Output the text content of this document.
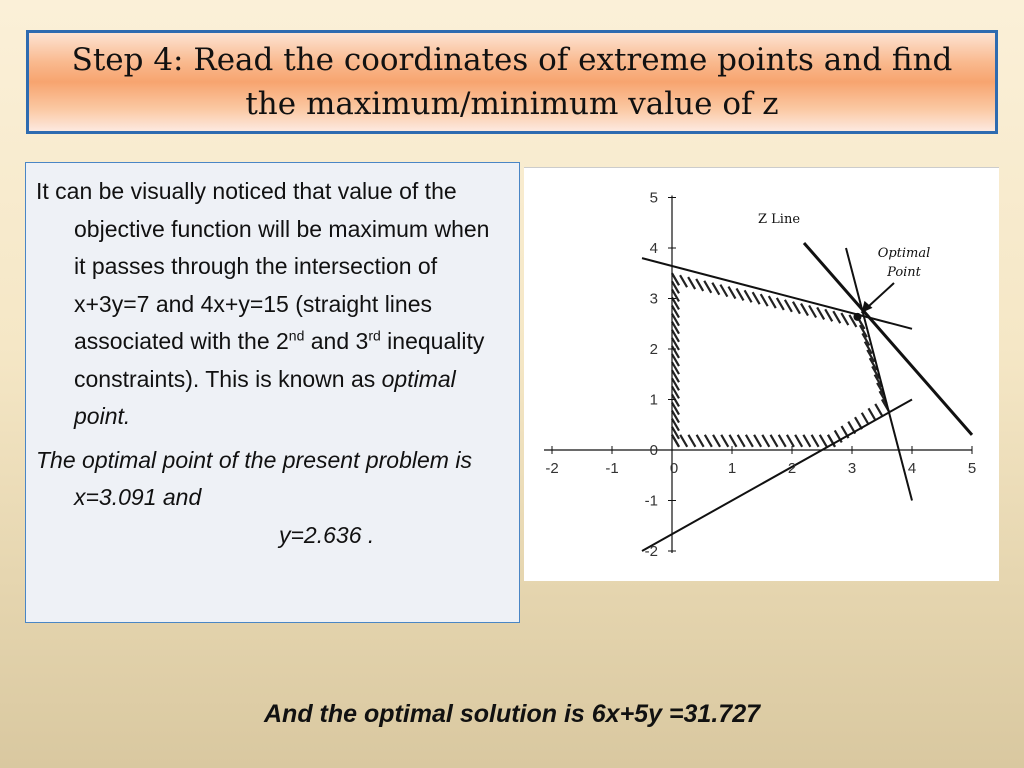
Step 4: Read the coordinates of extreme points and find the maximum/minimum value of z

It can be visually noticed that value of the objective function will be maximum when it passes through the intersection of x+3y=7 and 4x+y=15 (straight lines associated with the 2nd and 3rd inequality constraints). This is known as optimal point.

The optimal point of the present problem is x=3.091 and
y=2.636 .

-2	-1	0	1	2	3	4	5
-2
-1
0
1
2
3
4
5
Z Line
Optimal
Point
And the optimal solution is 6x+5y =31.727
